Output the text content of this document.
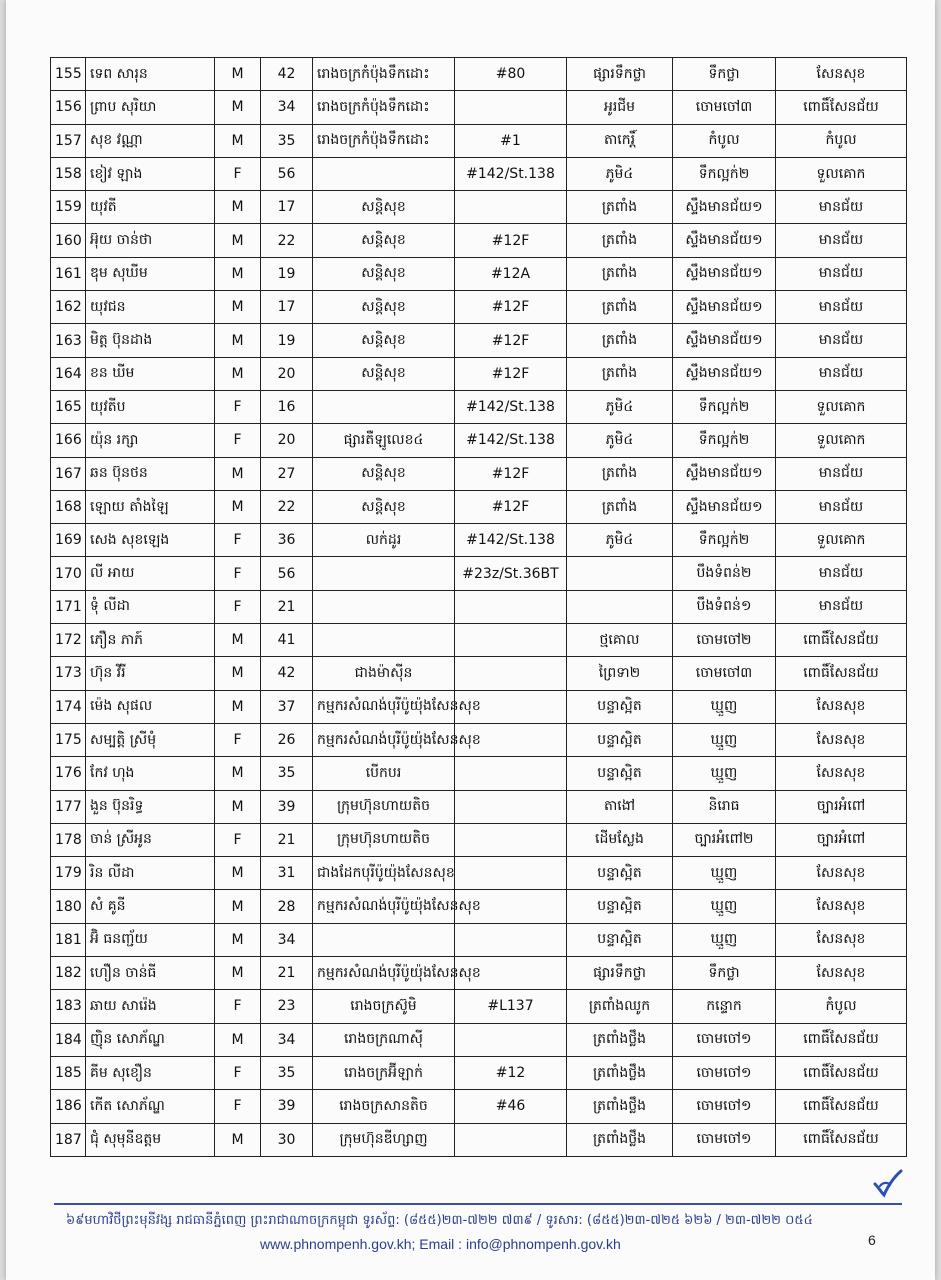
155	ទេព សារុន	M	42	រោងចក្រកំប៉ុងទឹកដោះ	#80	ផ្សារទឹកថ្លា	ទឹកថ្លា	សែនសុខ
156	ព្រាប សុរិយា	M	34	រោងចក្រកំប៉ុងទឹកដោះ		អូរជីម	ចោមចៅ៣	ពោធិ៍សែនជ័យ
157	សុខ វណ្ណា	M	35	រោងចក្រកំប៉ុងទឹកដោះ	#1	តាកេរ្តិ៍	កំបូល	កំបូល
158	ខៀវ ឡាង	F	56		#142/St.138	ភូមិ៤	ទឹកល្អក់២	ទួលគោក
159	យុវតី	M	17	សន្តិសុខ		ត្រពាំង	ស្ទឹងមានជ័យ១	មានជ័យ
160	អ៊ុយ ចាន់ថា	M	22	សន្តិសុខ	#12F	ត្រពាំង	ស្ទឹងមានជ័យ១	មានជ័យ
161	ឌុម សុឃីម	M	19	សន្តិសុខ	#12A	ត្រពាំង	ស្ទឹងមានជ័យ១	មានជ័យ
162	យុវជន	M	17	សន្តិសុខ	#12F	ត្រពាំង	ស្ទឹងមានជ័យ១	មានជ័យ
163	មិត្ត ប៊ុនដាង	M	19	សន្តិសុខ	#12F	ត្រពាំង	ស្ទឹងមានជ័យ១	មានជ័យ
164	ខន ឃីម	M	20	សន្តិសុខ	#12F	ត្រពាំង	ស្ទឹងមានជ័យ១	មានជ័យ
165	យុវតីប	F	16		#142/St.138	ភូមិ៤	ទឹកល្អក់២	ទួលគោក
166	យ៉ុន រក្សា	F	20	ផ្សារតឺឡូលេខ៤	#142/St.138	ភូមិ៤	ទឹកល្អក់២	ទួលគោក
167	ឆន ប៊ុនថន	M	27	សន្តិសុខ	#12F	ត្រពាំង	ស្ទឹងមានជ័យ១	មានជ័យ
168	ឡោយ តាំងឡៃ	M	22	សន្តិសុខ	#12F	ត្រពាំង	ស្ទឹងមានជ័យ១	មានជ័យ
169	សេង សុខឡេង	F	36	លក់ដូរ	#142/St.138	ភូមិ៤	ទឹកល្អក់២	ទួលគោក
170	លី អាយ	F	56		#23z/St.36BT		បឹងទំពន់២	មានជ័យ
171	ទុំ លីដា	F	21				បឹងទំពន់១	មានជ័យ
172	ភឿន ភាភ៍	M	41			ថ្មគោល	ចោមចៅ២	ពោធិ៍សែនជ័យ
173	ហ៊ុន វីរី	M	42	ជាងម៉ាស៊ីន		ព្រៃទា២	ចោមចៅ៣	ពោធិ៍សែនជ័យ
174	ម៉េង សុផល	M	37	កម្មករសំណង់បុរីប៉ូយ៉ុងសែនសុខ		បន្ទាស្អិត	ឃ្មួញ	សែនសុខ
175	សម្បត្តិ ស្រីមុំ	F	26	កម្មករសំណង់បុរីប៉ូយ៉ុងសែនសុខ		បន្ទាស្អិត	ឃ្មួញ	សែនសុខ
176	កែវ ហុង	M	35	បើកបរ		បន្ទាស្អិត	ឃ្មួញ	សែនសុខ
177	ងួន ប៊ុនរិទ្ធ	M	39	ក្រុមហ៊ុនហាយតិច		តាងៅ	និរោធ	ច្បារអំពៅ
178	ចាន់ ស្រីអូន	F	21	ក្រុមហ៊ុនហាយតិច		ដើមស្លែង	ច្បារអំពៅ២	ច្បារអំពៅ
179	រិន លីដា	M	31	ជាងដែកបុរីប៉ូយ៉ុងសែនសុខ		បន្ទាស្អិត	ឃ្មួញ	សែនសុខ
180	សំ គូនី	M	28	កម្មករសំណង់បុរីប៉ូយ៉ុងសែនសុខ		បន្ទាស្អិត	ឃ្មួញ	សែនសុខ
181	អ៊ិ ធនញ្ជ័យ	M	34			បន្ទាស្អិត	ឃ្មួញ	សែនសុខ
182	ហឿន ចាន់ធី	M	21	កម្មករសំណង់បុរីប៉ូយ៉ុងសែនសុខ		ផ្សារទឹកថ្លា	ទឹកថ្លា	សែនសុខ
183	ឆាយ សារ៉េង	F	23	រោងចក្រស៊ូមិ	#L137	ត្រពាំងឈូក	កន្ទោក	កំបូល
184	ញ៉ិន សោភ័ណ្ឌ	M	34	រោងចក្រណាស៊ី		ត្រពាំងថ្លឹង	ចោមចៅ១	ពោធិ៍សែនជ័យ
185	គីម សុខឿន	F	35	រោងចក្រអ៊ីឡាក់	#12	ត្រពាំងថ្លឹង	ចោមចៅ១	ពោធិ៍សែនជ័យ
186	កើត សោភ័ណ្ឌ	F	39	រោងចក្រសានតិច	#46	ត្រពាំងថ្លឹង	ចោមចៅ១	ពោធិ៍សែនជ័យ
187	ជុំ សុមុនីឧត្តម	M	30	ក្រុមហ៊ុនឌីហ្សាញ		ត្រពាំងថ្លឹង	ចោមចៅ១	ពោធិ៍សែនជ័យ
៦៩មហាវិថីព្រះមុនីវង្ស រាជធានីភ្នំពេញ ព្រះរាជាណាចក្រកម្ពុជា ទូរស័ព្ទ: (៨៥៥)២៣-៧២២ ៧៣៩ / ទូរសារ: (៨៥៥)២៣-៧២៥ ៦២៦ / ២៣-៧២២ ០៥៤
www.phnompenh.gov.kh; Email : info@phnompenh.gov.kh	6
